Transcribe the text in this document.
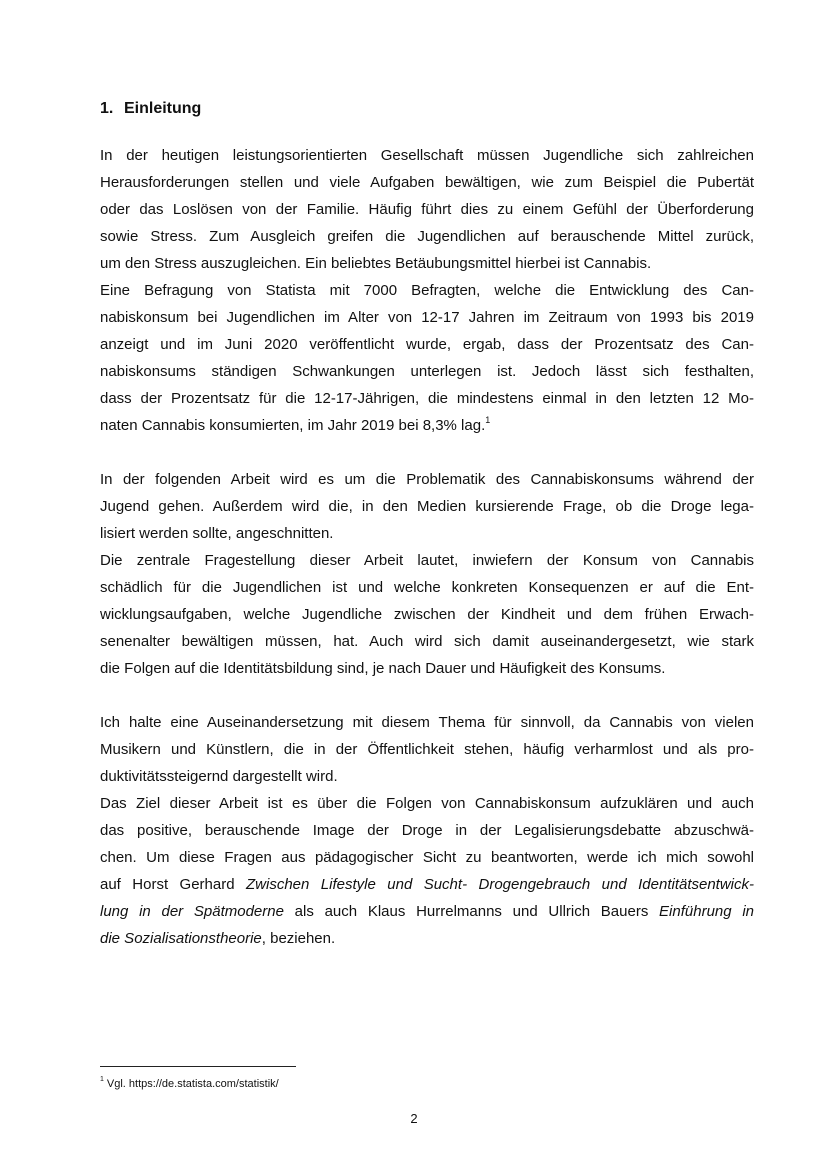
1. Einleitung
In der heutigen leistungsorientierten Gesellschaft müssen Jugendliche sich zahlreichen
Herausforderungen stellen und viele Aufgaben bewältigen, wie zum Beispiel die Pubertät
oder das Loslösen von der Familie. Häufig führt dies zu einem Gefühl der Überforderung
sowie Stress. Zum Ausgleich greifen die Jugendlichen auf berauschende Mittel zurück,
um den Stress auszugleichen. Ein beliebtes Betäubungsmittel hierbei ist Cannabis.
Eine Befragung von Statista mit 7000 Befragten, welche die Entwicklung des Can-
nabiskonsum bei Jugendlichen im Alter von 12-17 Jahren im Zeitraum von 1993 bis 2019
anzeigt und im Juni 2020 veröffentlicht wurde, ergab, dass der Prozentsatz des Can-
nabiskonsums ständigen Schwankungen unterlegen ist. Jedoch lässt sich festhalten,
dass der Prozentsatz für die 12-17-Jährigen, die mindestens einmal in den letzten 12 Mo-
naten Cannabis konsumierten, im Jahr 2019 bei 8,3% lag.$^1$
In der folgenden Arbeit wird es um die Problematik des Cannabiskonsums während der
Jugend gehen. Außerdem wird die, in den Medien kursierende Frage, ob die Droge lega-
lisiert werden sollte, angeschnitten.
Die zentrale Fragestellung dieser Arbeit lautet, inwiefern der Konsum von Cannabis
schädlich für die Jugendlichen ist und welche konkreten Konsequenzen er auf die Ent-
wicklungsaufgaben, welche Jugendliche zwischen der Kindheit und dem frühen Erwach-
senenalter bewältigen müssen, hat. Auch wird sich damit auseinandergesetzt, wie stark
die Folgen auf die Identitätsbildung sind, je nach Dauer und Häufigkeit des Konsums.
Ich halte eine Auseinandersetzung mit diesem Thema für sinnvoll, da Cannabis von vielen
Musikern und Künstlern, die in der Öffentlichkeit stehen, häufig verharmlost und als pro-
duktivitätssteigernd dargestellt wird.
Das Ziel dieser Arbeit ist es über die Folgen von Cannabiskonsum aufzuklären und auch
das positive, berauschende Image der Droge in der Legalisierungsdebatte abzuschwä-
chen. Um diese Fragen aus pädagogischer Sicht zu beantworten, werde ich mich sowohl
auf Horst Gerhard Zwischen Lifestyle und Sucht- Drogengebrauch und Identitätsentwick-
lung in der Spätmoderne als auch Klaus Hurrelmanns und Ullrich Bauers Einführung in
die Sozialisationstheorie, beziehen.
$^1$ Vgl. https://de.statista.com/statistik/
2
